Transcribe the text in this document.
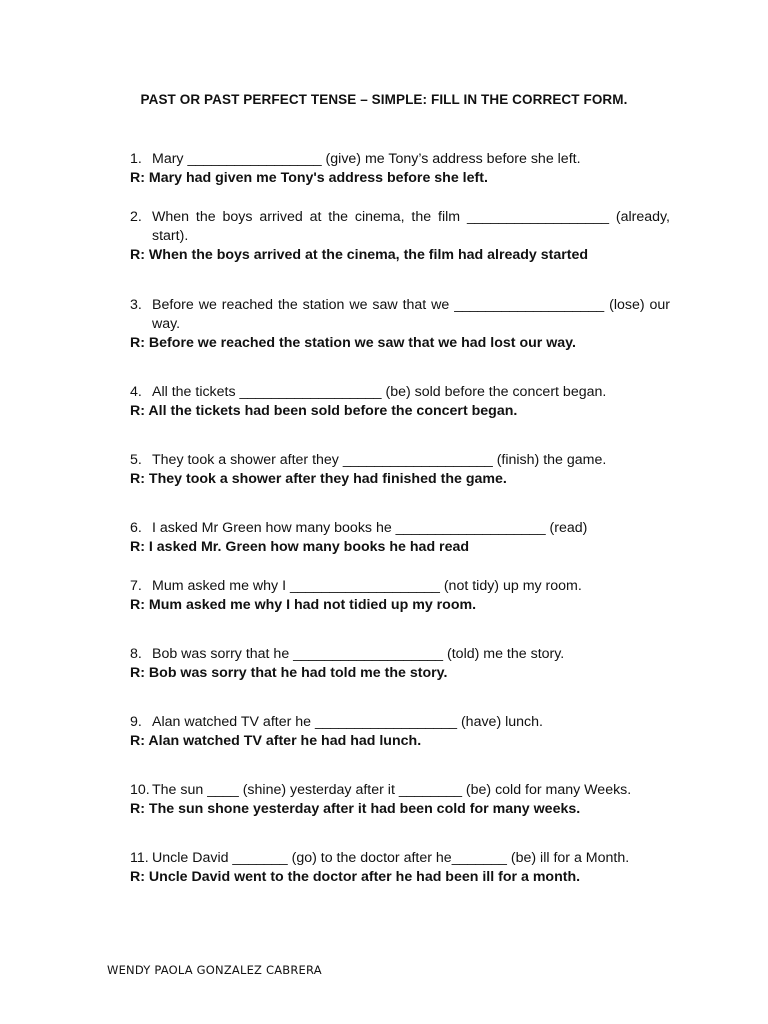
PAST OR PAST PERFECT TENSE – SIMPLE: FILL IN THE CORRECT FORM.
1. Mary _________________ (give) me Tony’s address before she left.
R: Mary had given me Tony's address before she left.
2. When the boys arrived at the cinema, the film __________________ (already, start).
R: When the boys arrived at the cinema, the film had already started
3. Before we reached the station we saw that we ___________________ (lose) our way.
R: Before we reached the station we saw that we had lost our way.
4. All the tickets __________________ (be) sold before the concert began.
R: All the tickets had been sold before the concert began.
5. They took a shower after they ___________________ (finish) the game.
R: They took a shower after they had finished the game.
6. I asked Mr Green how many books he ___________________ (read)
R: I asked Mr. Green how many books he had read
7. Mum asked me why I ___________________ (not tidy) up my room.
R: Mum asked me why I had not tidied up my room.
8. Bob was sorry that he ___________________ (told) me the story.
R: Bob was sorry that he had told me the story.
9. Alan watched TV after he __________________ (have) lunch.
R: Alan watched TV after he had had lunch.
10. The sun ____ (shine) yesterday after it ________ (be) cold for many Weeks.
R: The sun shone yesterday after it had been cold for many weeks.
11. Uncle David _______ (go) to the doctor after he_______ (be) ill for a Month.
R: Uncle David went to the doctor after he had been ill for a month.
WENDY PAOLA GONZALEZ CABRERA
